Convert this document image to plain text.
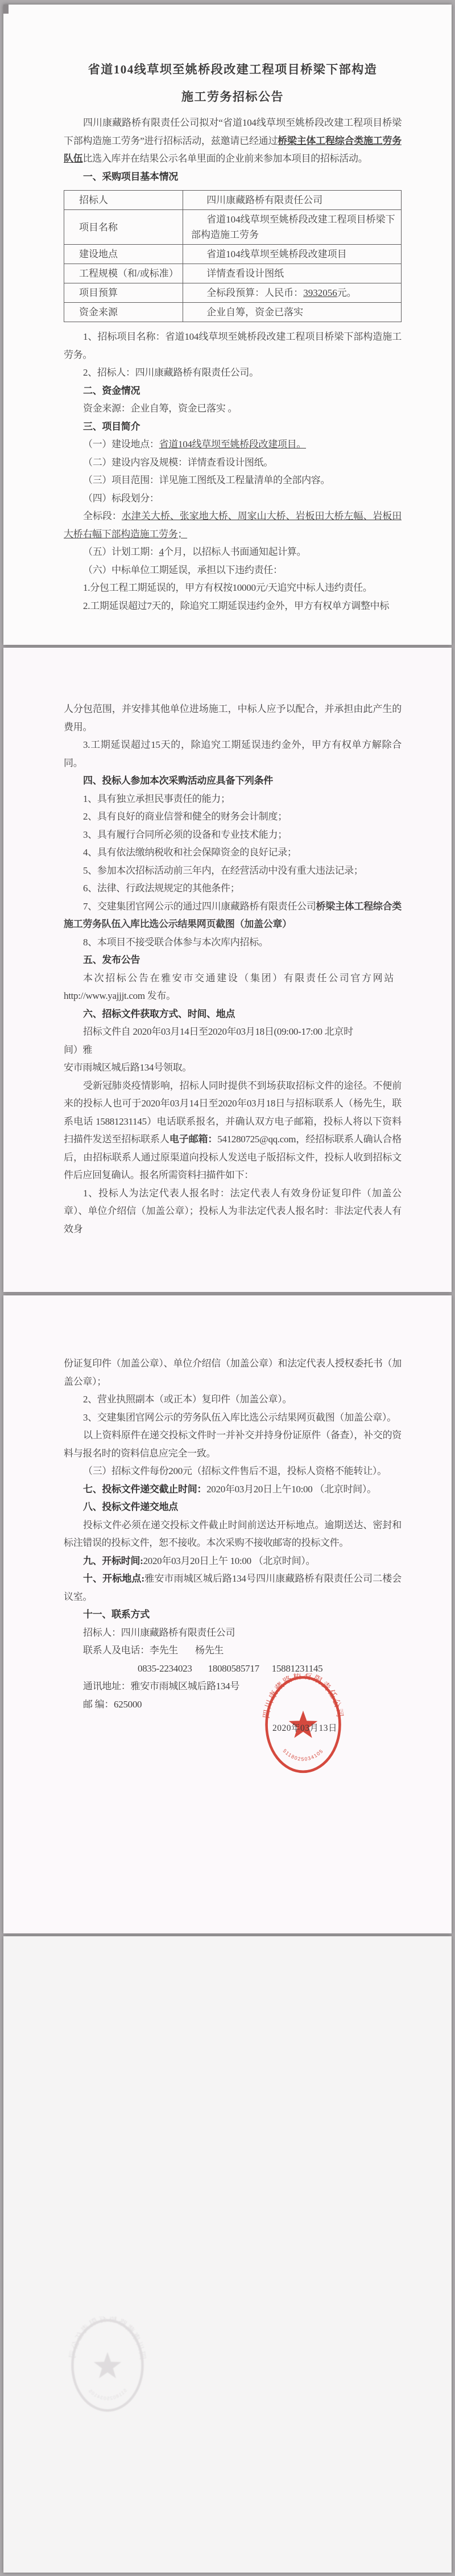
省道104线草坝至姚桥段改建工程项目桥梁下部构造
施工劳务招标公告

四川康藏路桥有限责任公司拟对“省道104线草坝至姚桥段改建工程项目桥梁下部构造施工劳务”进行招标活动，兹邀请已经通过桥梁主体工程综合类施工劳务队伍比选入库并在结果公示名单里面的企业前来参加本项目的招标活动。

一、采购项目基本情况

招标人	四川康藏路桥有限责任公司
项目名称	省道104线草坝至姚桥段改建工程项目桥梁下部构造施工劳务
建设地点	省道104线草坝至姚桥段改建项目
工程规模（和/或标准）	详情查看设计图纸
项目预算	全标段预算：人民币：3932056元。
资金来源	企业自筹，资金已落实

1、招标项目名称：省道104线草坝至姚桥段改建工程项目桥梁下部构造施工劳务。

2、招标人：四川康藏路桥有限责任公司。

二、资金情况

资金来源：企业自筹，资金已落实 。

三、项目简介

（一）建设地点：省道104线草坝至姚桥段改建项目。

（二）建设内容及规模：详情查看设计图纸。

（三）项目范围：详见施工图纸及工程量清单的全部内容。

（四）标段划分：

全标段：水津关大桥、张家地大桥、周家山大桥、岩板田大桥左幅、岩板田大桥右幅下部构造施工劳务；

（五）计划工期：4个月，以招标人书面通知起计算。

（六）中标单位工期延误，承担以下违约责任：

1.分包工程工期延误的，甲方有权按10000元/天追究中标人违约责任。

2.工期延误超过7天的，除追究工期延误违约金外，甲方有权单方调整中标

人分包范围，并安排其他单位进场施工，中标人应予以配合，并承担由此产生的费用。

3.工期延误超过15天的，除追究工期延误违约金外，甲方有权单方解除合同。

四、投标人参加本次采购活动应具备下列条件

1、具有独立承担民事责任的能力；

2、具有良好的商业信誉和健全的财务会计制度；

3、具有履行合同所必须的设备和专业技术能力；

4、具有依法缴纳税收和社会保障资金的良好记录；

5、参加本次招标活动前三年内，在经营活动中没有重大违法记录；

6、法律、行政法规规定的其他条件；

7、交建集团官网公示的通过四川康藏路桥有限责任公司桥梁主体工程综合类施工劳务队伍入库比选公示结果网页截图（加盖公章）

8、本项目不接受联合体参与本次库内招标。

五、发布公告

本次招标公告在雅安市交通建设（集团）有限责任公司官方网站

http://www.yajjjt.com 发布。

六、招标文件获取方式、时间、地点

招标文件自 2020年03月14日至2020年03月18日(09:00-17:00 北京时

间）雅

安市雨城区城后路134号领取。

受新冠肺炎疫情影响，招标人同时提供不到场获取招标文件的途径。不便前来的投标人也可于2020年03月14日至2020年03月18日与招标联系人（杨先生，联系电话 15881231145）电话联系报名，并确认双方电子邮箱，投标人将以下资料扫描件发送至招标联系人电子邮箱：541280725@qq.com，经招标联系人确认合格后，由招标联系人通过原渠道向投标人发送电子版招标文件，投标人收到招标文件后应回复确认。报名所需资料扫描件如下：

1、投标人为法定代表人报名时：法定代表人有效身份证复印件（加盖公章）、单位介绍信（加盖公章）；投标人为非法定代表人报名时：非法定代表人有效身

份证复印件（加盖公章）、单位介绍信（加盖公章）和法定代表人授权委托书（加盖公章）；

2、营业执照副本（或正本）复印件（加盖公章）。

3、交建集团官网公示的劳务队伍入库比选公示结果网页截图（加盖公章）。

以上资料原件在递交投标文件时一并补交并持身份证原件（备查），补交的资料与报名时的资料信息应完全一致。

（三）招标文件每份200元（招标文件售后不退，投标人资格不能转让）。

七、投标文件递交截止时间：2020年03月20日上午10:00 （北京时间）。

八、投标文件递交地点

投标文件必须在递交投标文件截止时间前送达开标地点。逾期送达、密封和标注错误的投标文件，恕不接收。本次采购不接收邮寄的投标文件。

九、开标时间:2020年03月20日上午 10:00 （北京时间）。

十、开标地点:雅安市雨城区城后路134号四川康藏路桥有限责任公司二楼会议室。

十一、联系方式

招标人：四川康藏路桥有限责任公司

联系人及电话：李先生 杨先生

0835-2234023 18080585717 15881231145

通讯地址：雅安市雨城区城后路134号

邮 编：625000

四川康藏路桥有限责任公司
5118025034105
2020年03月13日
四川康藏路桥有限责任公司
5118025034105
